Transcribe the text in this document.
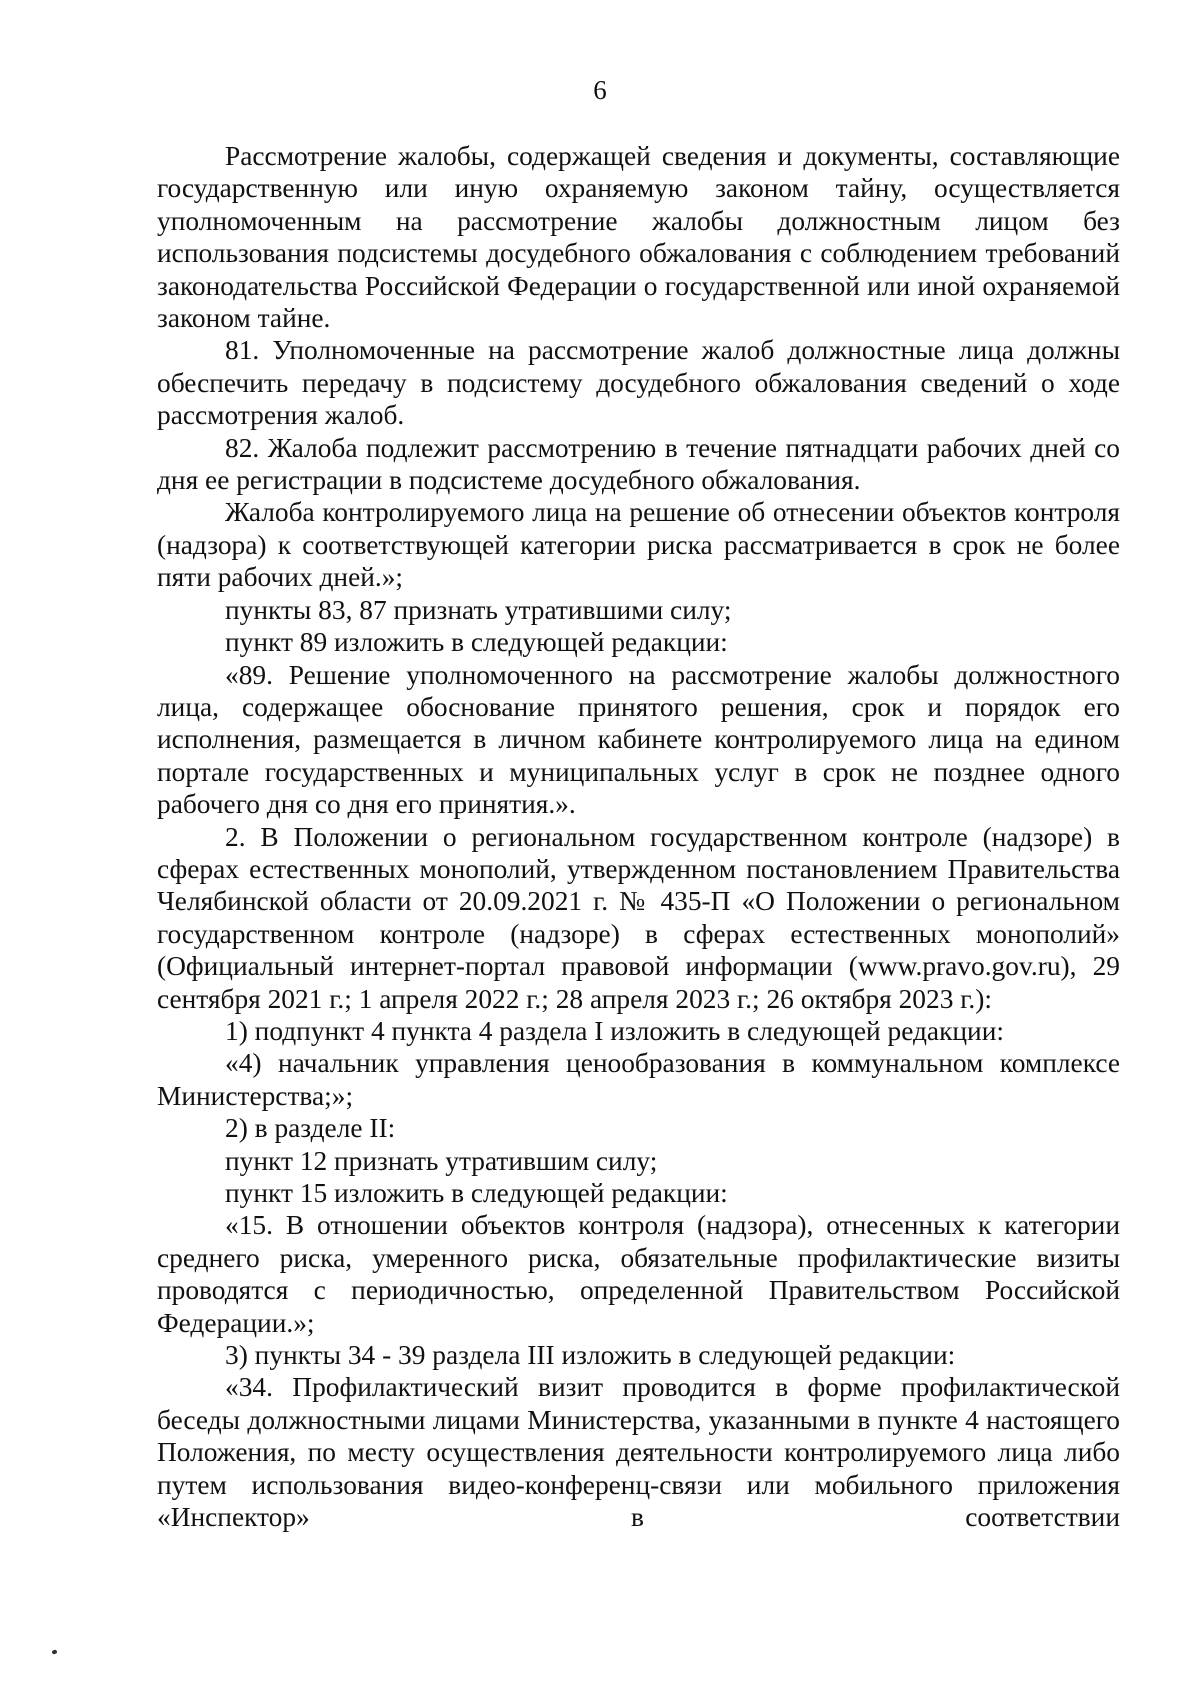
6

Рассмотрение жалобы, содержащей сведения и документы, составляющие государственную или иную охраняемую законом тайну, осуществляется уполномоченным на рассмотрение жалобы должностным лицом без использования подсистемы досудебного обжалования с соблюдением требований законодательства Российской Федерации о государственной или иной охраняемой законом тайне.

81. Уполномоченные на рассмотрение жалоб должностные лица должны обеспечить передачу в подсистему досудебного обжалования сведений о ходе рассмотрения жалоб.

82. Жалоба подлежит рассмотрению в течение пятнадцати рабочих дней со дня ее регистрации в подсистеме досудебного обжалования.

Жалоба контролируемого лица на решение об отнесении объектов контроля (надзора) к соответствующей категории риска рассматривается в срок не более пяти рабочих дней.»;

пункты 83, 87 признать утратившими силу;

пункт 89 изложить в следующей редакции:

«89. Решение уполномоченного на рассмотрение жалобы должностного лица, содержащее обоснование принятого решения, срок и порядок его исполнения, размещается в личном кабинете контролируемого лица на едином портале государственных и муниципальных услуг в срок не позднее одного рабочего дня со дня его принятия.».

2. В Положении о региональном государственном контроле (надзоре) в сферах естественных монополий, утвержденном постановлением Правительства Челябинской области от 20.09.2021 г. № 435-П «О Положении о региональном государственном контроле (надзоре) в сферах естественных монополий» (Официальный интернет-портал правовой информации (www.pravo.gov.ru), 29 сентября 2021 г.; 1 апреля 2022 г.; 28 апреля 2023 г.; 26 октября 2023 г.):

1) подпункт 4 пункта 4 раздела I изложить в следующей редакции:

«4) начальник управления ценообразования в коммунальном комплексе Министерства;»;

2) в разделе II:

пункт 12 признать утратившим силу;

пункт 15 изложить в следующей редакции:

«15. В отношении объектов контроля (надзора), отнесенных к категории среднего риска, умеренного риска, обязательные профилактические визиты проводятся с периодичностью, определенной Правительством Российской Федерации.»;

3) пункты 34 - 39 раздела III изложить в следующей редакции:

«34. Профилактический визит проводится в форме профилактической беседы должностными лицами Министерства, указанными в пункте 4 настоящего Положения, по месту осуществления деятельности контролируемого лица либо путем использования видео-конференц-связи или мобильного приложения «Инспектор» в соответствии
